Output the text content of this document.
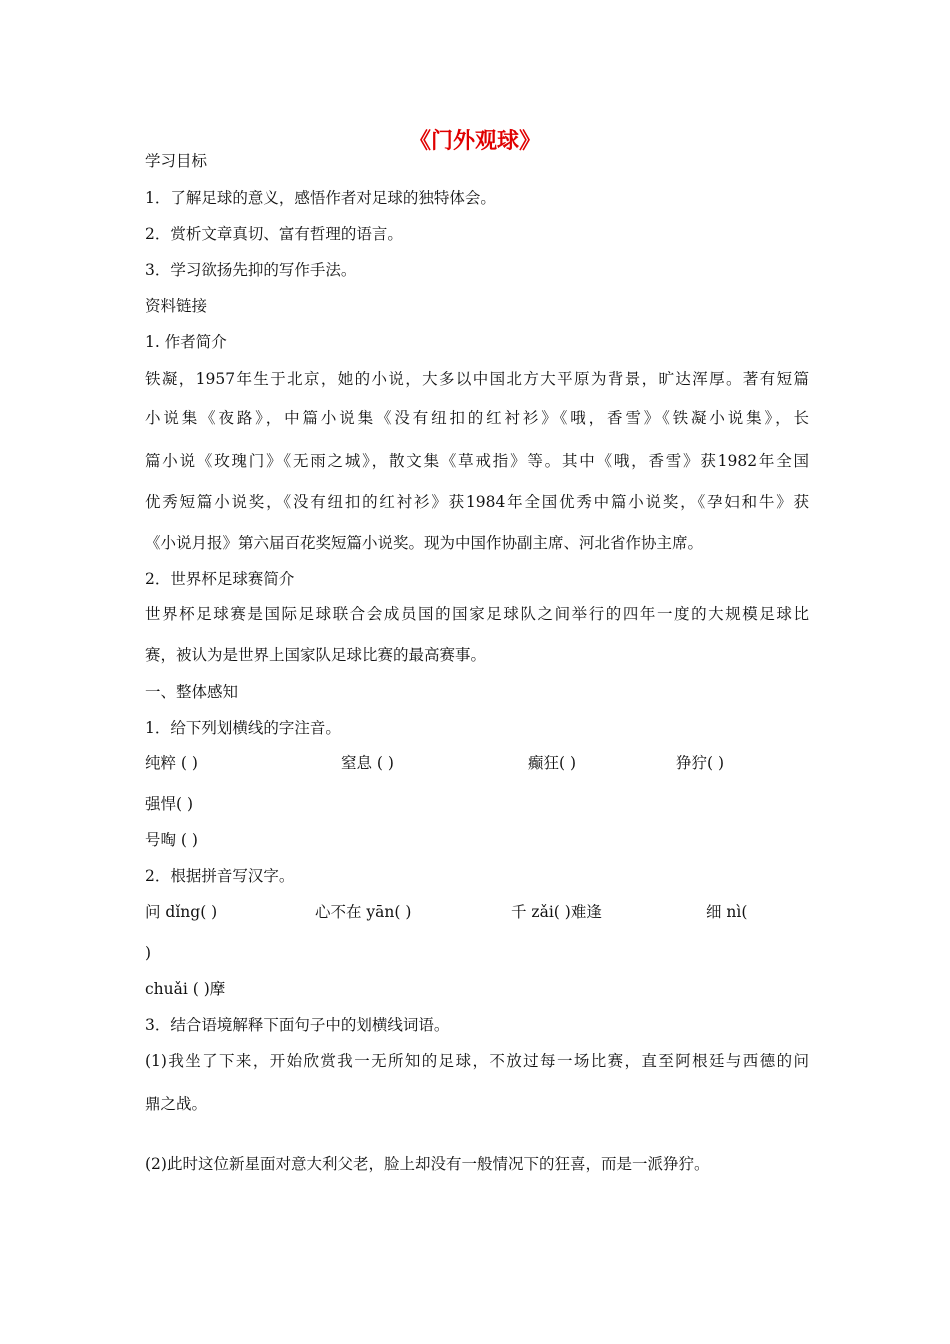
《门外观球》
学习目标
1．了解足球的意义，感悟作者对足球的独特体会。
2．赏析文章真切、富有哲理的语言。
3．学习欲扬先抑的写作手法。
资料链接
1. 作者简介
铁凝，1957年生于北京，她的小说，大多以中国北方大平原为背景，旷达浑厚。著有短篇
小说集《夜路》，中篇小说集《没有纽扣的红衬衫》《哦，香雪》《铁凝小说集》，长
篇小说《玫瑰门》《无雨之城》，散文集《草戒指》等。其中《哦，香雪》获1982年全国
优秀短篇小说奖，《没有纽扣的红衬衫》获1984年全国优秀中篇小说奖，《孕妇和牛》获
《小说月报》第六届百花奖短篇小说奖。现为中国作协副主席、河北省作协主席。
2．世界杯足球赛简介
世界杯足球赛是国际足球联合会成员国的国家足球队之间举行的四年一度的大规模足球比
赛，被认为是世界上国家队足球比赛的最高赛事。
一、整体感知
1．给下列划横线的字注音。
纯粹 ( )	窒息 ( )	癫狂( )	狰狞( )
强悍( )
号啕 ( )
2．根据拼音写汉字。
问 dǐng( )	心不在 yān( )	千 zǎi( )难逢	细 nì(
)
chuǎi ( )摩
3．结合语境解释下面句子中的划横线词语。
(1)我坐了下来，开始欣赏我一无所知的足球，不放过每一场比赛，直至阿根廷与西德的问
鼎之战。
(2)此时这位新星面对意大利父老，脸上却没有一般情况下的狂喜，而是一派狰狞。
